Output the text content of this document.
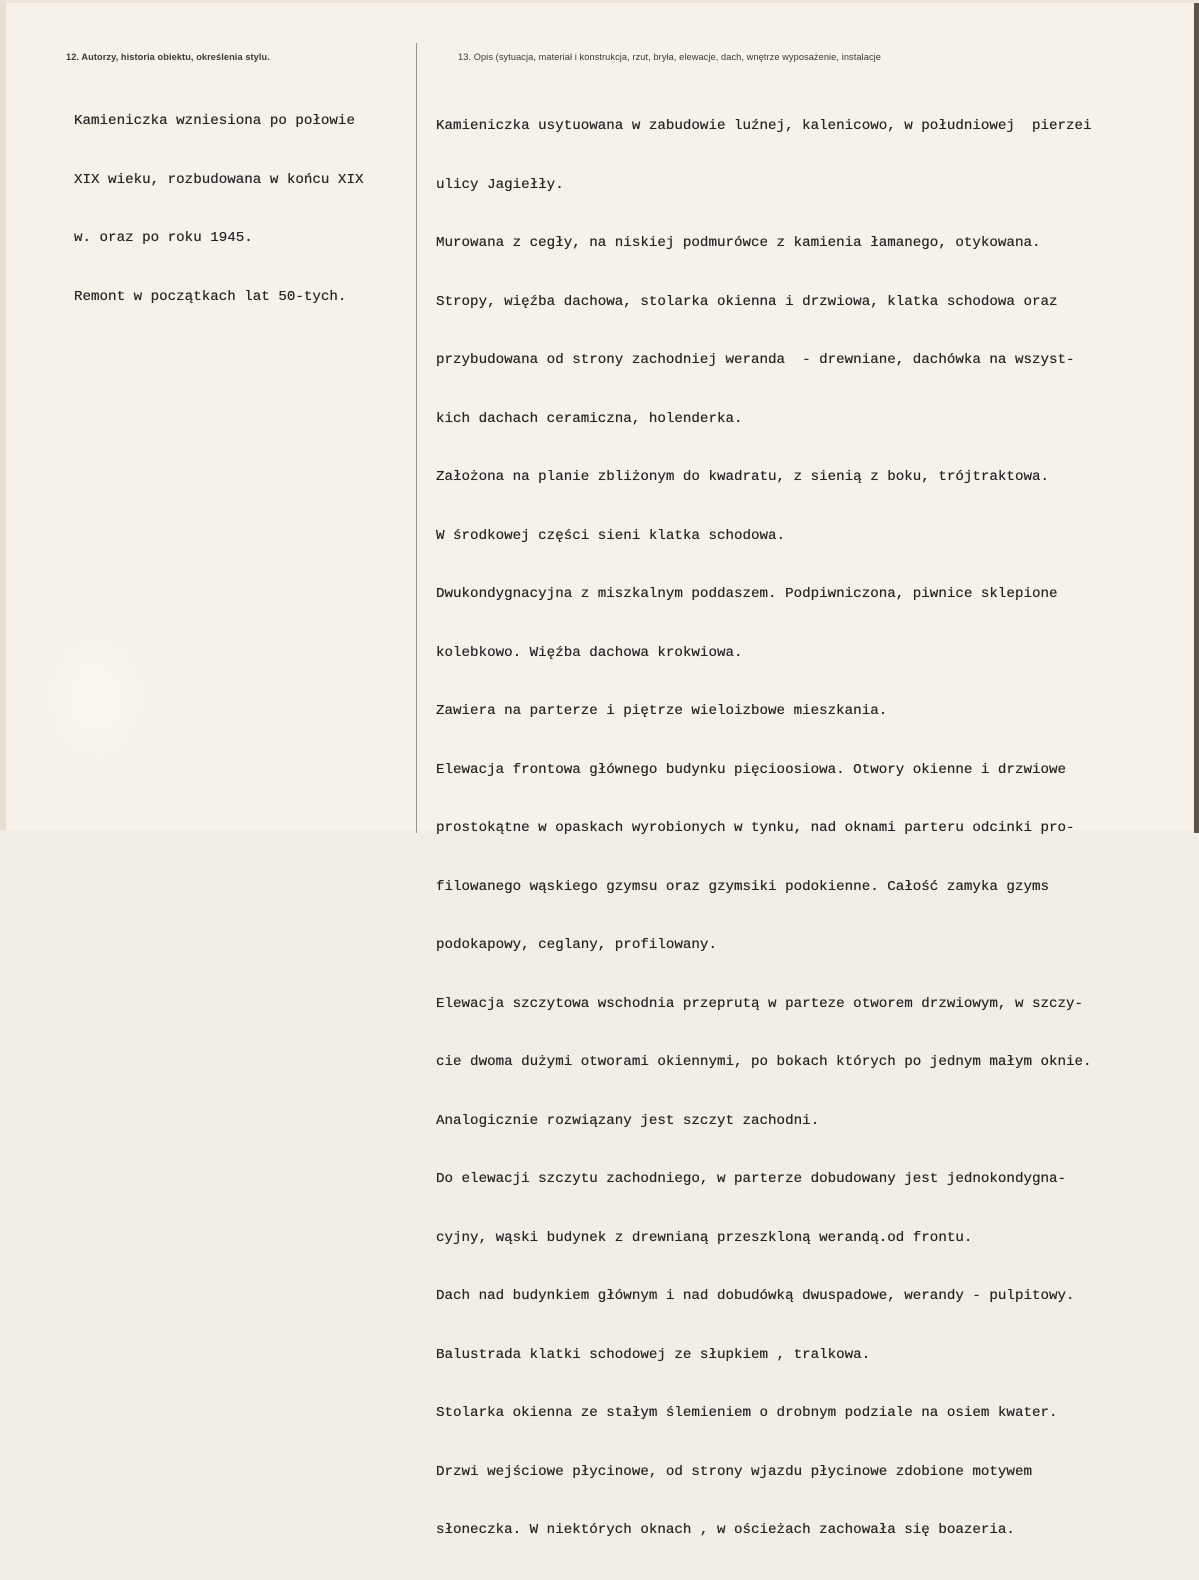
12. Autorzy, historia obiektu, określenia stylu.	13. Opis (sytuacja, materiał i konstrukcja, rzut, bryła, elewacje, dach, wnętrze wyposażenie, instalacje

Kamieniczka wzniesiona po połowie

XIX wieku, rozbudowana w końcu XIX

w. oraz po roku 1945.

Remont w początkach lat 50-tych.

Kamieniczka usytuowana w zabudowie luźnej, kalenicowo, w południowej  pierzei

ulicy Jagiełły.

Murowana z cegły, na niskiej podmurówce z kamienia łamanego, otykowana.

Stropy, więźba dachowa, stolarka okienna i drzwiowa, klatka schodowa oraz

przybudowana od strony zachodniej weranda  - drewniane, dachówka na wszyst-

kich dachach ceramiczna, holenderka.

Założona na planie zbliżonym do kwadratu, z sienią z boku, trójtraktowa.

W środkowej części sieni klatka schodowa.

Dwukondygnacyjna z miszkalnym poddaszem. Podpiwniczona, piwnice sklepione

kolebkowo. Więźba dachowa krokwiowa.

Zawiera na parterze i piętrze wieloizbowe mieszkania.

Elewacja frontowa głównego budynku pięcioosiowa. Otwory okienne i drzwiowe

prostokątne w opaskach wyrobionych w tynku, nad oknami parteru odcinki pro-

filowanego wąskiego gzymsu oraz gzymsiki podokienne. Całość zamyka gzyms

podokapowy, ceglany, profilowany.

Elewacja szczytowa wschodnia przeprutą w parteze otworem drzwiowym, w szczy-

cie dwoma dużymi otworami okiennymi, po bokach których po jednym małym oknie.

Analogicznie rozwiązany jest szczyt zachodni.

Do elewacji szczytu zachodniego, w parterze dobudowany jest jednokondygna-

cyjny, wąski budynek z drewnianą przeszkloną werandą.od frontu.

Dach nad budynkiem głównym i nad dobudówką dwuspadowe, werandy - pulpitowy.

Balustrada klatki schodowej ze słupkiem , tralkowa.

Stolarka okienna ze stałym ślemieniem o drobnym podziale na osiem kwater.

Drzwi wejściowe płycinowe, od strony wjazdu płycinowe zdobione motywem

słoneczka. W niektórych oknach , w ościeżach zachowała się boazeria.
